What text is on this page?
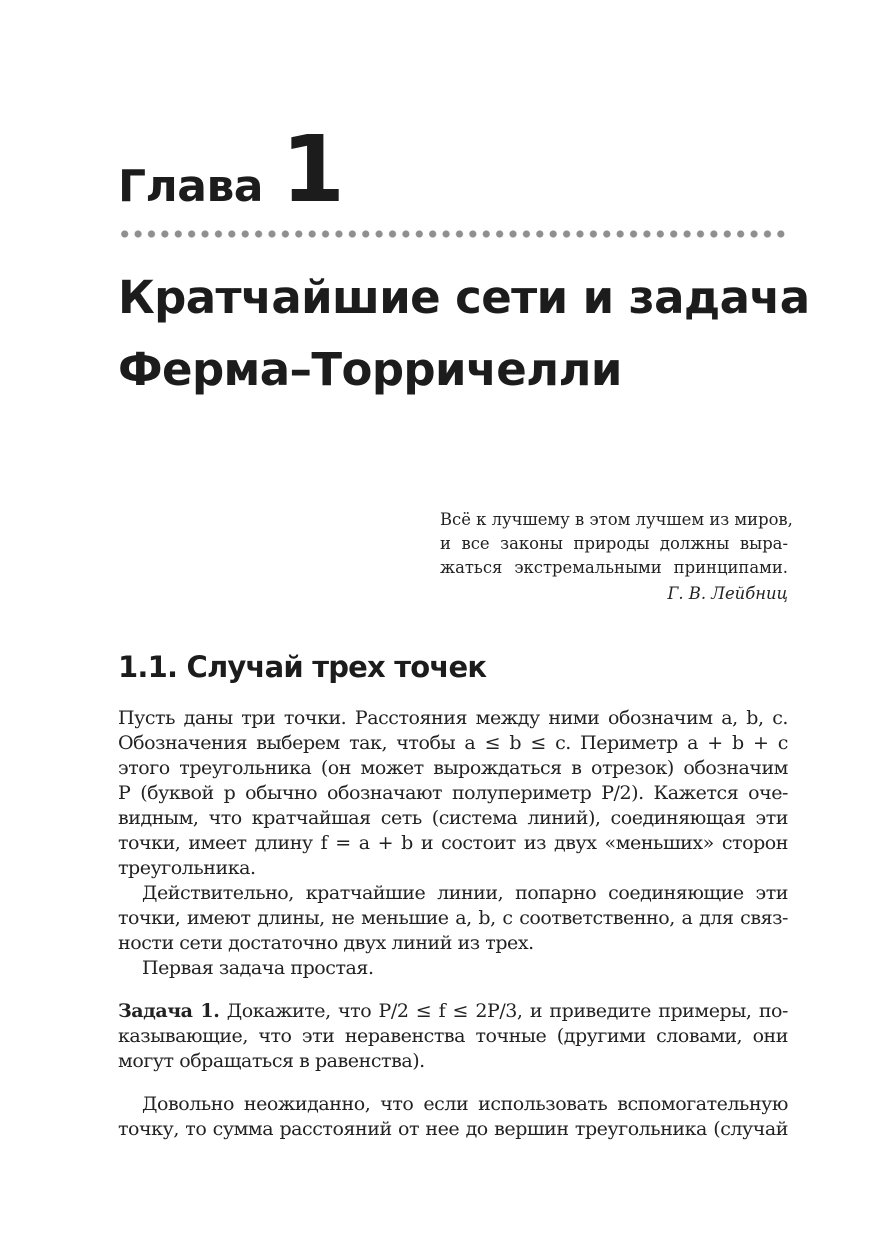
Глава 1
Кратчайшие сети и задача
Ферма–Торричелли
Всё к лучшему в этом лучшем из миров,
и все законы природы должны выра-
жаться экстремальными принципами.
Г. В. Лейбниц
1.1. Случай трех точек
Пусть даны три точки. Расстояния между ними обозначим a, b, c.
Обозначения выберем так, чтобы a ≤ b ≤ c. Периметр a + b + c
этого треугольника (он может вырождаться в отрезок) обозначим
P (буквой p обычно обозначают полупериметр P/2). Кажется оче-
видным, что кратчайшая сеть (система линий), соединяющая эти
точки, имеет длину f = a + b и состоит из двух «меньших» сторон
треугольника.
Действительно, кратчайшие линии, попарно соединяющие эти
точки, имеют длины, не меньшие a, b, c соответственно, а для связ-
ности сети достаточно двух линий из трех.
Первая задача простая.
Задача 1. Докажите, что P/2 ≤ f ≤ 2P/3, и приведите примеры, по-
казывающие, что эти неравенства точные (другими словами, они
могут обращаться в равенства).
Довольно неожиданно, что если использовать вспомогательную
точку, то сумма расстояний от нее до вершин треугольника (случай
